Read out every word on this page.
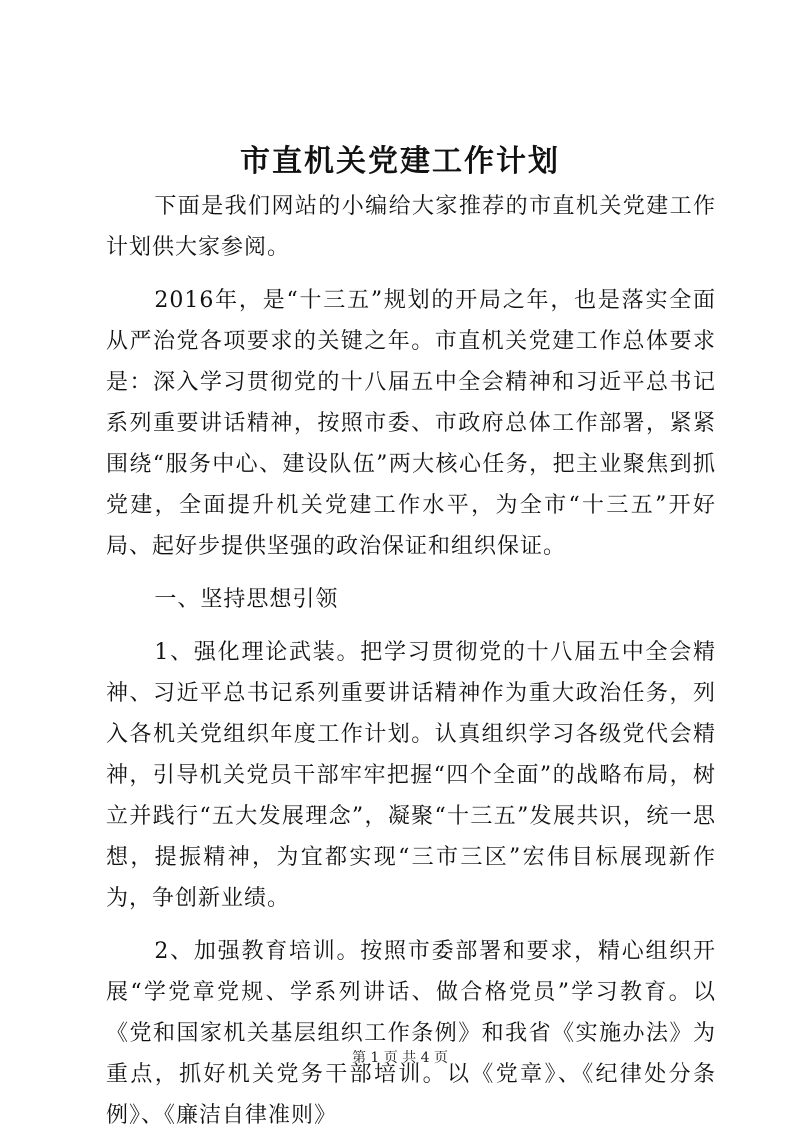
市直机关党建工作计划

下面是我们网站的小编给大家推荐的市直机关党建工作计划供大家参阅。

2016年，是“十三五”规划的开局之年，也是落实全面从严治党各项要求的关键之年。市直机关党建工作总体要求是：深入学习贯彻党的十八届五中全会精神和习近平总书记系列重要讲话精神，按照市委、市政府总体工作部署，紧紧围绕“服务中心、建设队伍”两大核心任务，把主业聚焦到抓党建，全面提升机关党建工作水平，为全市“十三五”开好局、起好步提供坚强的政治保证和组织保证。

一、坚持思想引领

1、强化理论武装。把学习贯彻党的十八届五中全会精神、习近平总书记系列重要讲话精神作为重大政治任务，列入各机关党组织年度工作计划。认真组织学习各级党代会精神，引导机关党员干部牢牢把握“四个全面”的战略布局，树立并践行“五大发展理念”，凝聚“十三五”发展共识，统一思想，提振精神，为宜都实现“三市三区”宏伟目标展现新作为，争创新业绩。

2、加强教育培训。按照市委部署和要求，精心组织开展“学党章党规、学系列讲话、做合格党员”学习教育。以《党和国家机关基层组织工作条例》和我省《实施办法》为重点，抓好机关党务干部培训。以《党章》、《纪律处分条例》、《廉洁自律准则》

第 1 页 共 4 页
